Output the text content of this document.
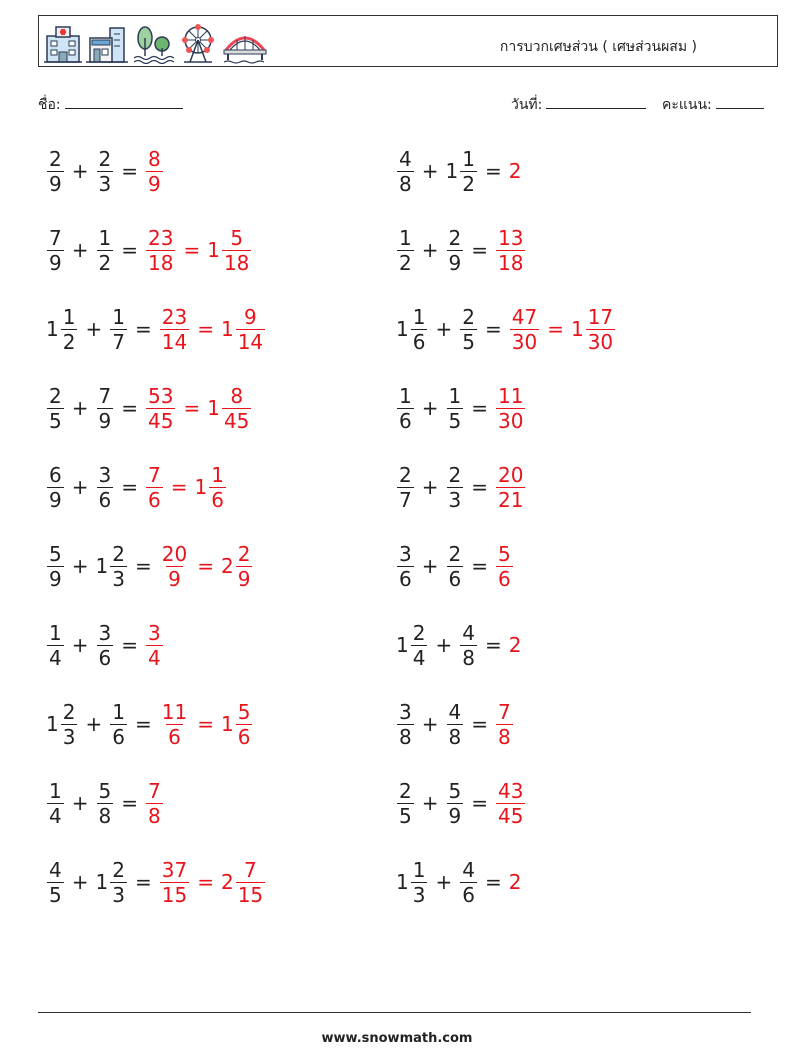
การบวกเศษส่วน ( เศษส่วนผสม )
ชื่อ:	วันที่:	คะแนน:
$\frac{2}{9} + \frac{2}{3} = \frac{8}{9}$	$\frac{4}{8} + 1 \frac{1}{2} = 2$
$\frac{7}{9} + \frac{1}{2} = \frac{23}{18} = 1 \frac{5}{18}$	$\frac{1}{2} + \frac{2}{9} = \frac{13}{18}$
$1 \frac{1}{2} + \frac{1}{7} = \frac{23}{14} = 1 \frac{9}{14}$	$1 \frac{1}{6} + \frac{2}{5} = \frac{47}{30} = 1 \frac{17}{30}$
$\frac{2}{5} + \frac{7}{9} = \frac{53}{45} = 1 \frac{8}{45}$	$\frac{1}{6} + \frac{1}{5} = \frac{11}{30}$
$\frac{6}{9} + \frac{3}{6} = \frac{7}{6} = 1 \frac{1}{6}$	$\frac{2}{7} + \frac{2}{3} = \frac{20}{21}$
$\frac{5}{9} + 1 \frac{2}{3} = \frac{20}{9} = 2 \frac{2}{9}$	$\frac{3}{6} + \frac{2}{6} = \frac{5}{6}$
$\frac{1}{4} + \frac{3}{6} = \frac{3}{4}$	$1 \frac{2}{4} + \frac{4}{8} = 2$
$1 \frac{2}{3} + \frac{1}{6} = \frac{11}{6} = 1 \frac{5}{6}$	$\frac{3}{8} + \frac{4}{8} = \frac{7}{8}$
$\frac{1}{4} + \frac{5}{8} = \frac{7}{8}$	$\frac{2}{5} + \frac{5}{9} = \frac{43}{45}$
$\frac{4}{5} + 1 \frac{2}{3} = \frac{37}{15} = 2 \frac{7}{15}$	$1 \frac{1}{3} + \frac{4}{6} = 2$
www.snowmath.com
